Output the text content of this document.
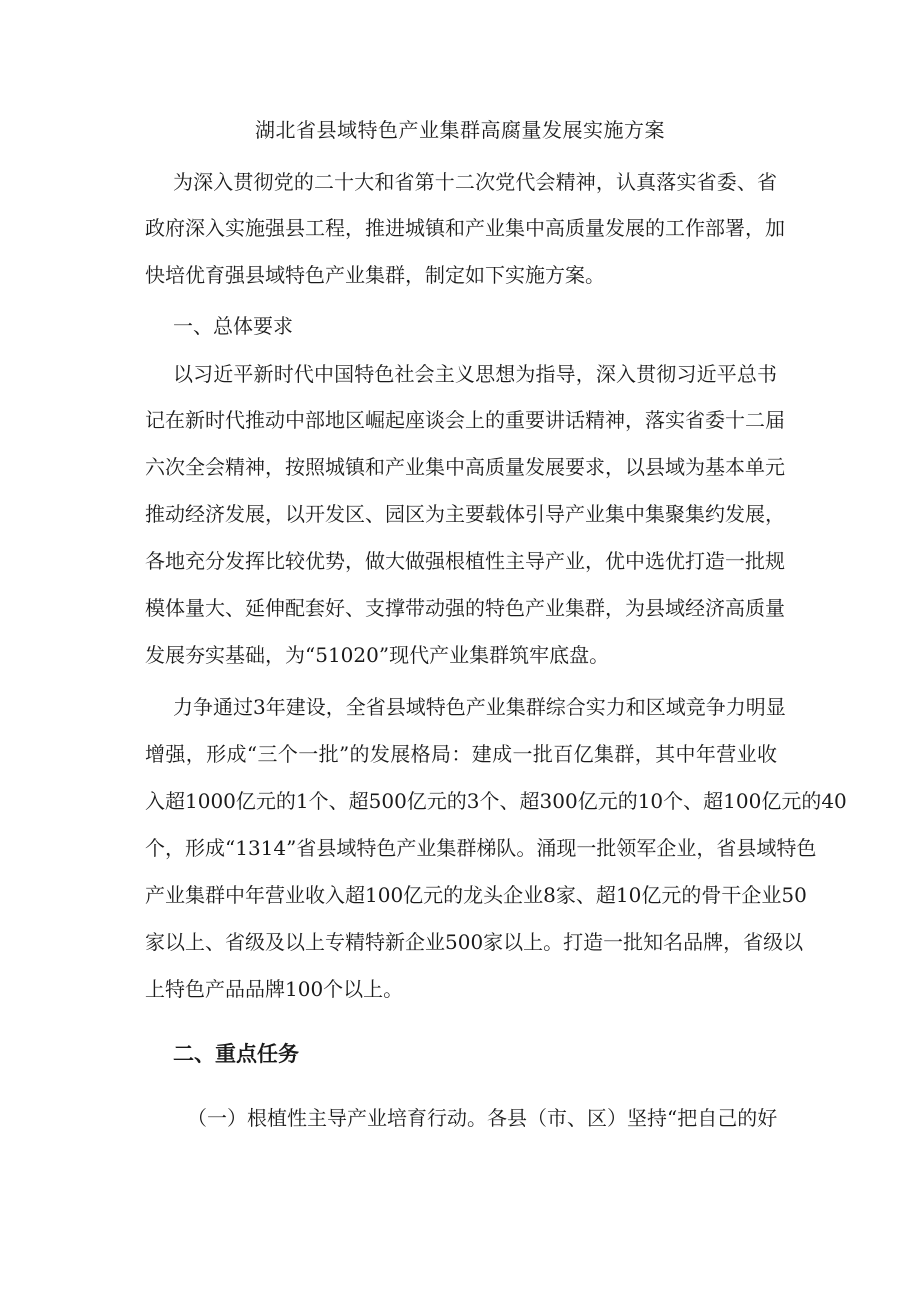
湖北省县域特色产业集群高腐量发展实施方案
为深入贯彻党的二十大和省第十二次党代会精神，认真落实省委、省
政府深入实施强县工程，推进城镇和产业集中高质量发展的工作部署，加
快培优育强县域特色产业集群，制定如下实施方案。
一、总体要求
以习近平新时代中国特色社会主义思想为指导，深入贯彻习近平总书
记在新时代推动中部地区崛起座谈会上的重要讲话精神，落实省委十二届
六次全会精神，按照城镇和产业集中高质量发展要求，以县域为基本单元
推动经济发展，以开发区、园区为主要载体引导产业集中集聚集约发展，
各地充分发挥比较优势，做大做强根植性主导产业，优中选优打造一批规
模体量大、延伸配套好、支撑带动强的特色产业集群，为县域经济高质量
发展夯实基础，为“51020”现代产业集群筑牢底盘。
力争通过3年建设，全省县域特色产业集群综合实力和区域竞争力明显
增强，形成“三个一批”的发展格局：建成一批百亿集群，其中年营业收
入超1000亿元的1个、超500亿元的3个、超300亿元的10个、超100亿元的40
个，形成“1314”省县域特色产业集群梯队。涌现一批领军企业，省县域特色
产业集群中年营业收入超100亿元的龙头企业8家、超10亿元的骨干企业50
家以上、省级及以上专精特新企业500家以上。打造一批知名品牌，省级以
上特色产品品牌100个以上。
二、重点任务
（一）根植性主导产业培育行动。各县（市、区）坚持“把自己的好
